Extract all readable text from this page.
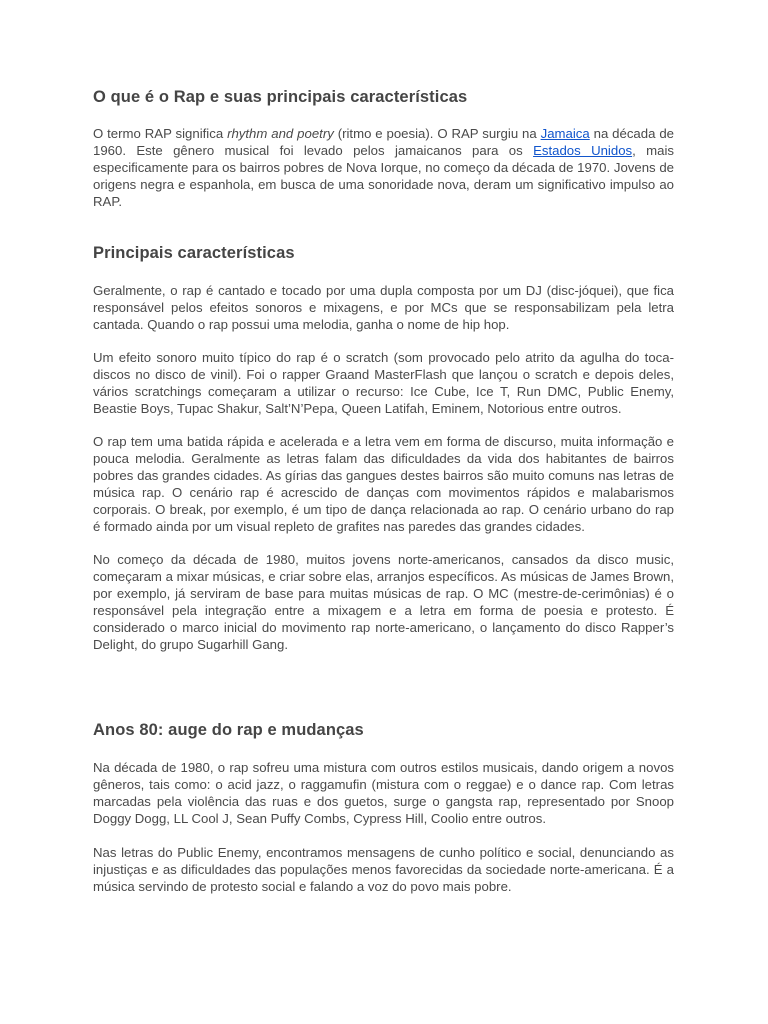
O que é o Rap e suas principais características

O termo RAP significa rhythm and poetry (ritmo e poesia). O RAP surgiu na Jamaica na década de 1960. Este gênero musical foi levado pelos jamaicanos para os Estados Unidos, mais especificamente para os bairros pobres de Nova Iorque, no começo da década de 1970. Jovens de origens negra e espanhola, em busca de uma sonoridade nova, deram um significativo impulso ao RAP.

Principais características

Geralmente, o rap é cantado e tocado por uma dupla composta por um DJ (disc-jóquei), que fica responsável pelos efeitos sonoros e mixagens, e por MCs que se responsabilizam pela letra cantada. Quando o rap possui uma melodia, ganha o nome de hip hop.

Um efeito sonoro muito típico do rap é o scratch (som provocado pelo atrito da agulha do toca-discos no disco de vinil). Foi o rapper Graand MasterFlash que lançou o scratch e depois deles, vários scratchings começaram a utilizar o recurso: Ice Cube, Ice T, Run DMC, Public Enemy, Beastie Boys, Tupac Shakur, Salt’N’Pepa, Queen Latifah, Eminem, Notorious entre outros.

O rap tem uma batida rápida e acelerada e a letra vem em forma de discurso, muita informação e pouca melodia. Geralmente as letras falam das dificuldades da vida dos habitantes de bairros pobres das grandes cidades. As gírias das gangues destes bairros são muito comuns nas letras de música rap. O cenário rap é acrescido de danças com movimentos rápidos e malabarismos corporais. O break, por exemplo, é um tipo de dança relacionada ao rap. O cenário urbano do rap é formado ainda por um visual repleto de grafites nas paredes das grandes cidades.

No começo da década de 1980, muitos jovens norte-americanos, cansados da disco music, começaram a mixar músicas, e criar sobre elas, arranjos específicos. As músicas de James Brown, por exemplo, já serviram de base para muitas músicas de rap. O MC (mestre-de-cerimônias) é o responsável pela integração entre a mixagem e a letra em forma de poesia e protesto. É considerado o marco inicial do movimento rap norte-americano, o lançamento do disco Rapper’s Delight, do grupo Sugarhill Gang.

Anos 80: auge do rap e mudanças

Na década de 1980, o rap sofreu uma mistura com outros estilos musicais, dando origem a novos gêneros, tais como: o acid jazz, o raggamufin (mistura com o reggae) e o dance rap. Com letras marcadas pela violência das ruas e dos guetos, surge o gangsta rap, representado por Snoop Doggy Dogg, LL Cool J, Sean Puffy Combs, Cypress Hill, Coolio entre outros.

Nas letras do Public Enemy, encontramos mensagens de cunho político e social, denunciando as injustiças e as dificuldades das populações menos favorecidas da sociedade norte-americana. É a música servindo de protesto social e falando a voz do povo mais pobre.
